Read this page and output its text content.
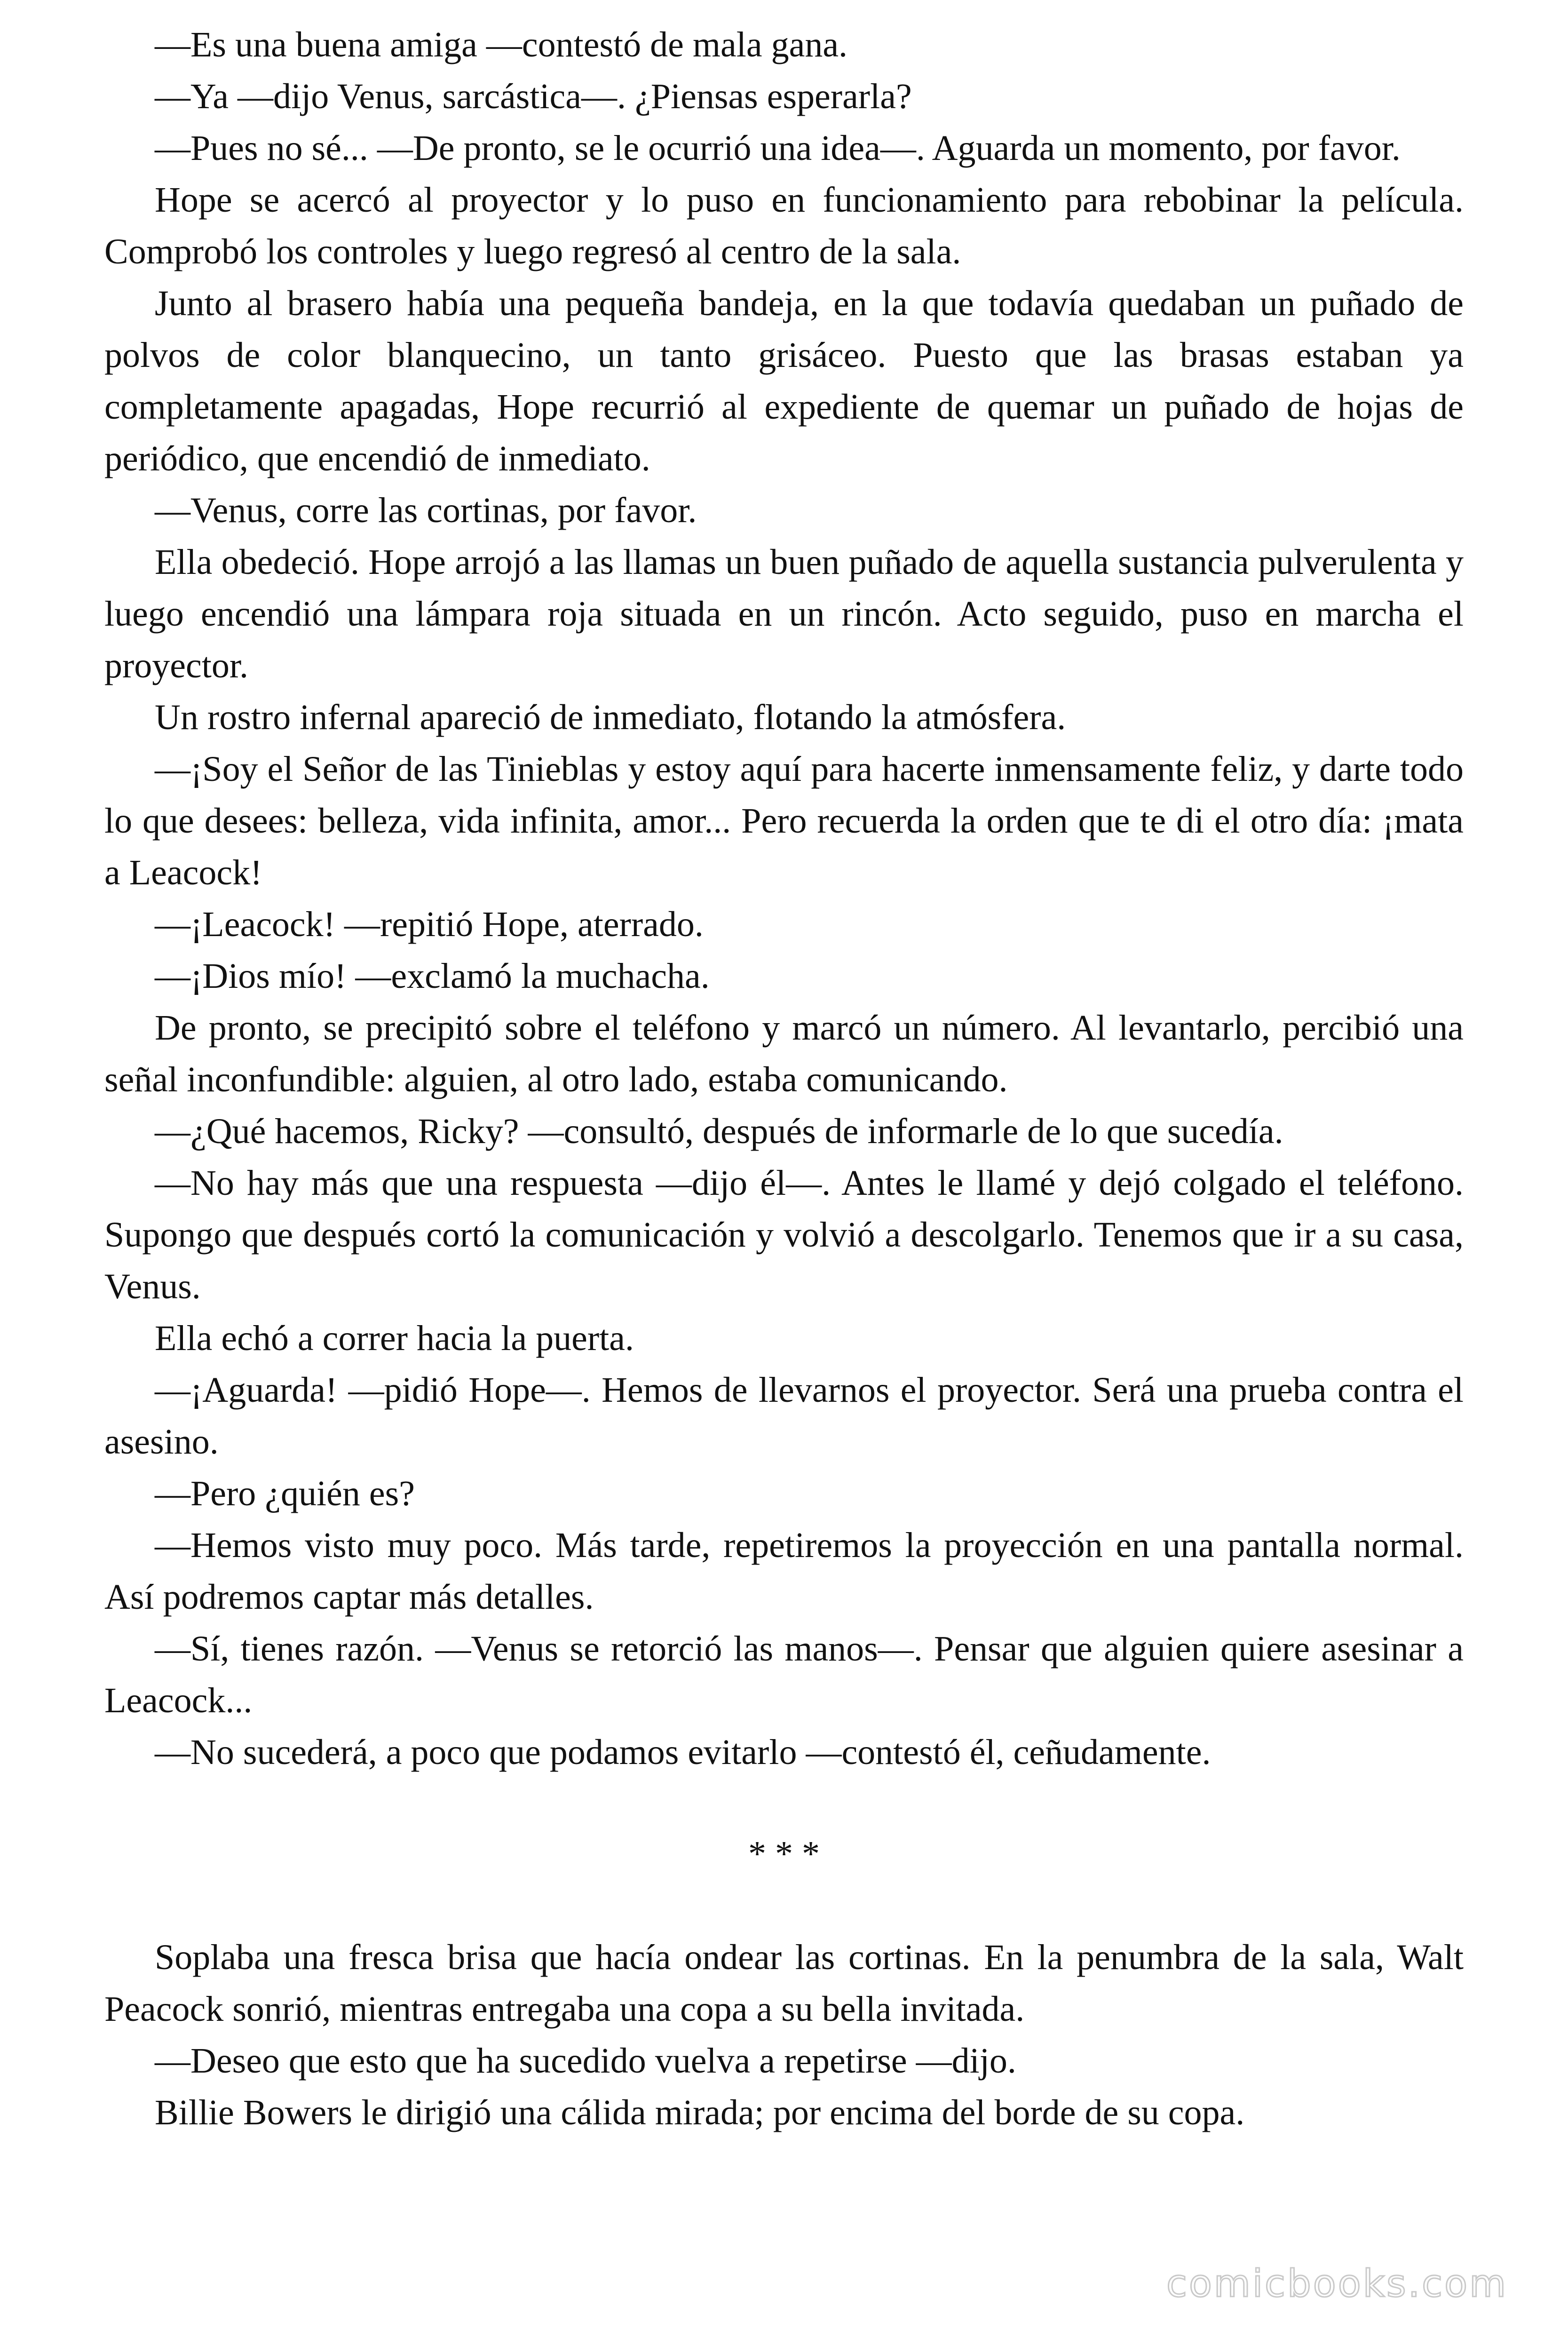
—Es una buena amiga —contestó de mala gana.

—Ya —dijo Venus, sarcástica—. ¿Piensas esperarla?

—Pues no sé... —De pronto, se le ocurrió una idea—. Aguarda un momento, por favor.

Hope se acercó al proyector y lo puso en funcionamiento para rebobinar la película. Comprobó los controles y luego regresó al centro de la sala.

Junto al brasero había una pequeña bandeja, en la que todavía quedaban un puñado de polvos de color blanquecino, un tanto grisáceo. Puesto que las brasas estaban ya completamente apagadas, Hope recurrió al expediente de quemar un puñado de hojas de periódico, que encendió de inmediato.

—Venus, corre las cortinas, por favor.

Ella obedeció. Hope arrojó a las llamas un buen puñado de aquella sustancia pulverulenta y luego encendió una lámpara roja situada en un rincón. Acto seguido, puso en marcha el proyector.

Un rostro infernal apareció de inmediato, flotando la atmósfera.

—¡Soy el Señor de las Tinieblas y estoy aquí para hacerte inmensamente feliz, y darte todo lo que desees: belleza, vida infinita, amor... Pero recuerda la orden que te di el otro día: ¡mata a Leacock!

—¡Leacock! —repitió Hope, aterrado.

—¡Dios mío! —exclamó la muchacha.

De pronto, se precipitó sobre el teléfono y marcó un número. Al levantarlo, percibió una señal inconfundible: alguien, al otro lado, estaba comunicando.

—¿Qué hacemos, Ricky? —consultó, después de informarle de lo que sucedía.

—No hay más que una respuesta —dijo él—. Antes le llamé y dejó colgado el teléfono. Supongo que después cortó la comunicación y volvió a descolgarlo. Tenemos que ir a su casa, Venus.

Ella echó a correr hacia la puerta.

—¡Aguarda! —pidió Hope—. Hemos de llevarnos el proyector. Será una prueba contra el asesino.

—Pero ¿quién es?

—Hemos visto muy poco. Más tarde, repetiremos la proyección en una pantalla normal. Así podremos captar más detalles.

—Sí, tienes razón. —Venus se retorció las manos—. Pensar que alguien quiere asesinar a Leacock...

—No sucederá, a poco que podamos evitarlo —contestó él, ceñudamente.

* * *

Soplaba una fresca brisa que hacía ondear las cortinas. En la penumbra de la sala, Walt Peacock sonrió, mientras entregaba una copa a su bella invitada.

—Deseo que esto que ha sucedido vuelva a repetirse —dijo.

Billie Bowers le dirigió una cálida mirada; por encima del borde de su copa.

comicbooks.com
